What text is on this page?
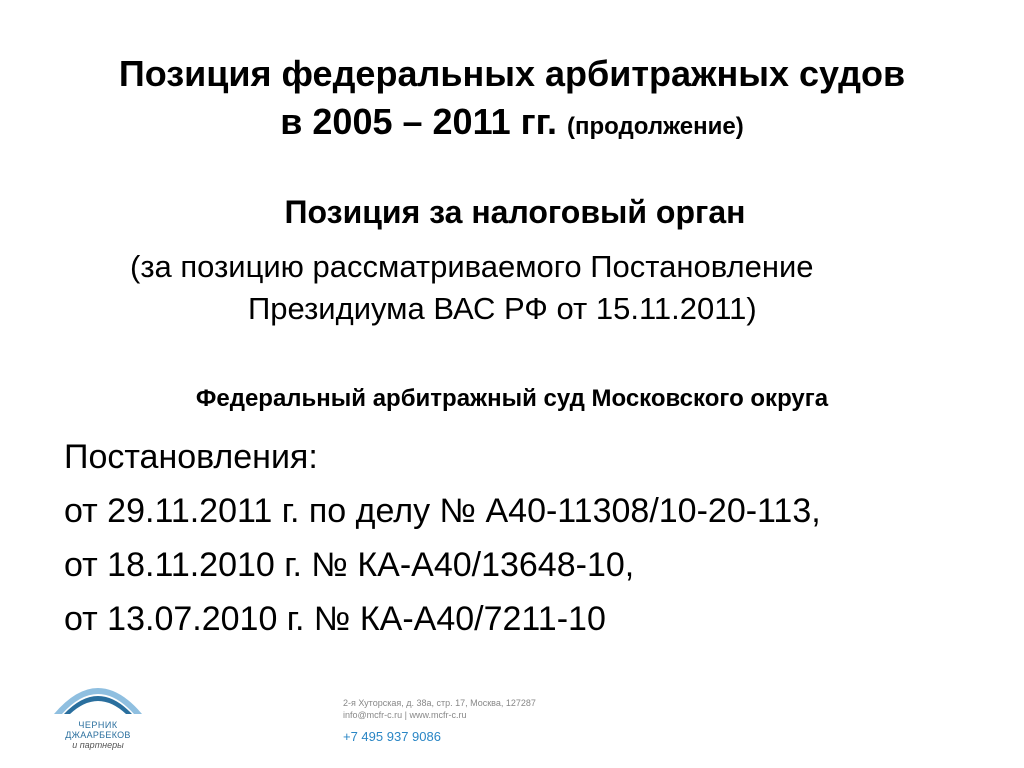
Позиция федеральных арбитражных судов
в 2005 – 2011 гг. (продолжение)
Позиция за налоговый орган
(за позицию рассматриваемого Постановление
Президиума ВАС РФ от 15.11.2011)
Федеральный арбитражный суд Московского округа
Постановления:
от 29.11.2011 г. по делу № А40-11308/10-20-113,
от 18.11.2010 г. № КА-А40/13648-10,
от 13.07.2010 г. № КА-А40/7211-10
ЧЕРНИК
ДЖААРБЕКОВ
и партнеры
2-я Хуторская, д. 38а, стр. 17, Москва, 127287
info@mcfr-c.ru | www.mcfr-c.ru
+7 495 937 9086
